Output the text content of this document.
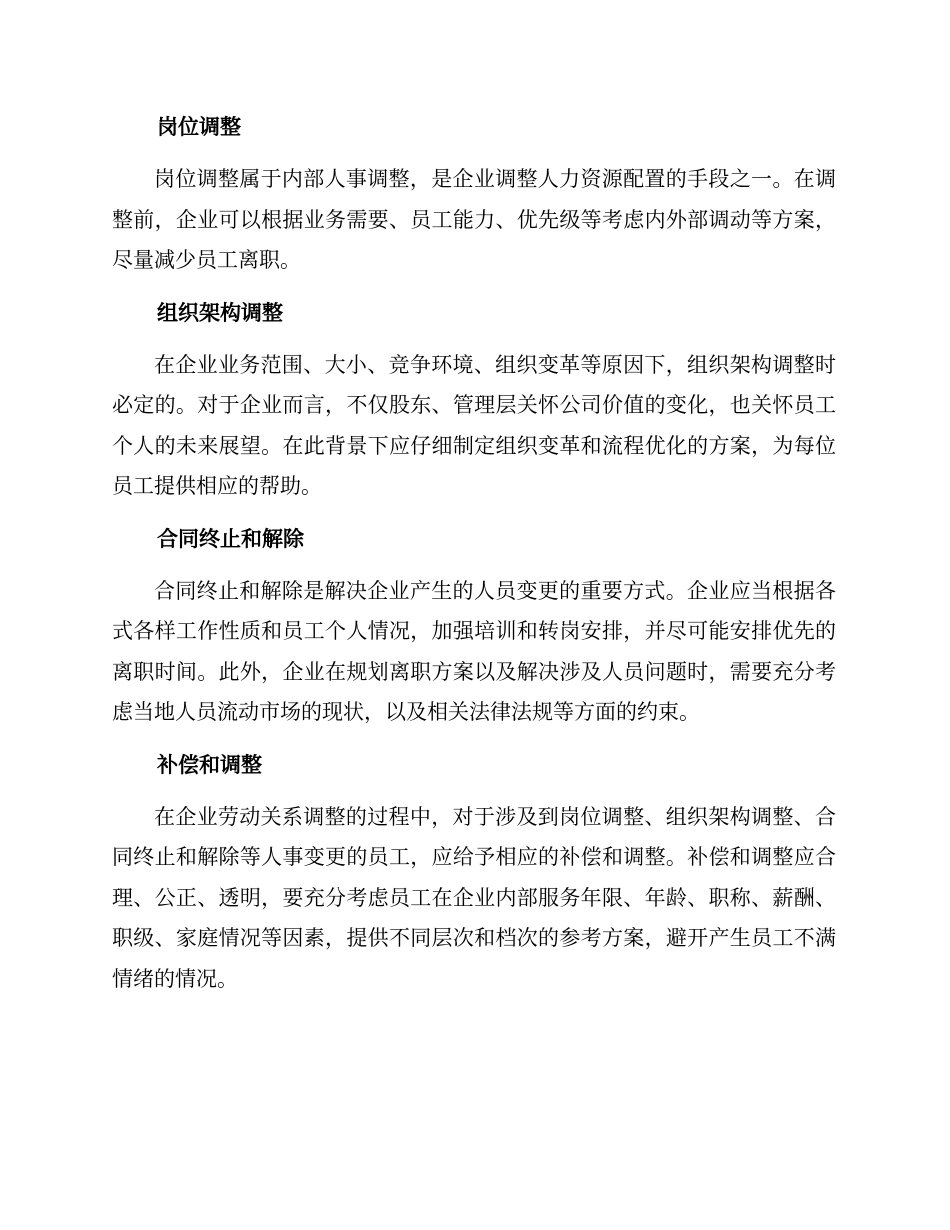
岗位调整

岗位调整属于内部人事调整，是企业调整人力资源配置的手段之一。在调整前，企业可以根据业务需要、员工能力、优先级等考虑内外部调动等方案，尽量减少员工离职。

组织架构调整

在企业业务范围、大小、竞争环境、组织变革等原因下，组织架构调整时必定的。对于企业而言，不仅股东、管理层关怀公司价值的变化，也关怀员工个人的未来展望。在此背景下应仔细制定组织变革和流程优化的方案，为每位员工提供相应的帮助。

合同终止和解除

合同终止和解除是解决企业产生的人员变更的重要方式。企业应当根据各式各样工作性质和员工个人情况，加强培训和转岗安排，并尽可能安排优先的离职时间。此外，企业在规划离职方案以及解决涉及人员问题时，需要充分考虑当地人员流动市场的现状，以及相关法律法规等方面的约束。

补偿和调整

在企业劳动关系调整的过程中，对于涉及到岗位调整、组织架构调整、合同终止和解除等人事变更的员工，应给予相应的补偿和调整。补偿和调整应合理、公正、透明，要充分考虑员工在企业内部服务年限、年龄、职称、薪酬、职级、家庭情况等因素，提供不同层次和档次的参考方案，避开产生员工不满情绪的情况。
